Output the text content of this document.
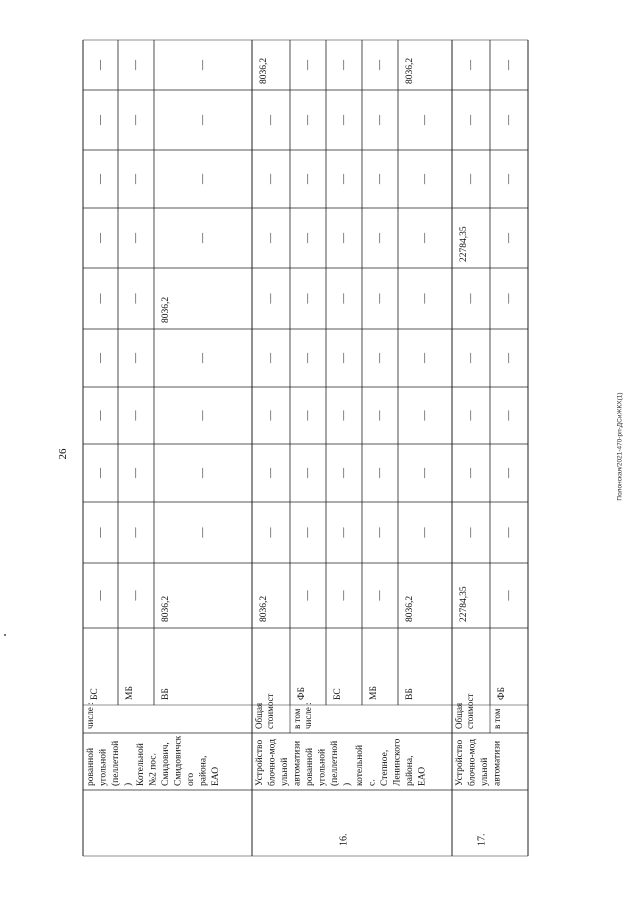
26	Полонская/2021-470-рп-ДСиЖКХ(1)
рованной угольной (пеллетной ) Котельной №2 пос. Смидович, Смидовичск ого района, ЕАО
16.
Устройство блочно-мод ульной автоматизи рованной угольной (пеллетной ) котельной с. Степное, Ленинского района, ЕАО
17.
Устройство блочно-мод ульной автоматизи
числе :
БС
—
—
—
—
—
—
—
—
—
—
МБ
—
—
—
—
—
—
—
—
—
—
ВБ
8036,2
—
—
—
—
8036,2
—
—
—
—
Общая стоимост
8036,2
—
—
—
—
—
—
—
—
8036,2
в том числе :
ФБ
—
—
—
—
—
—
—
—
—
—
БС
—
—
—
—
—
—
—
—
—
—
МБ
—
—
—
—
—
—
—
—
—
—
ВБ
8036,2
—
—
—
—
—
—
—
—
8036,2
Общая стоимост
22784,35
—
—
—
—
—
22784,35
—
—
—
в том
ФБ
—
—
—
—
—
—
—
—
—
—
